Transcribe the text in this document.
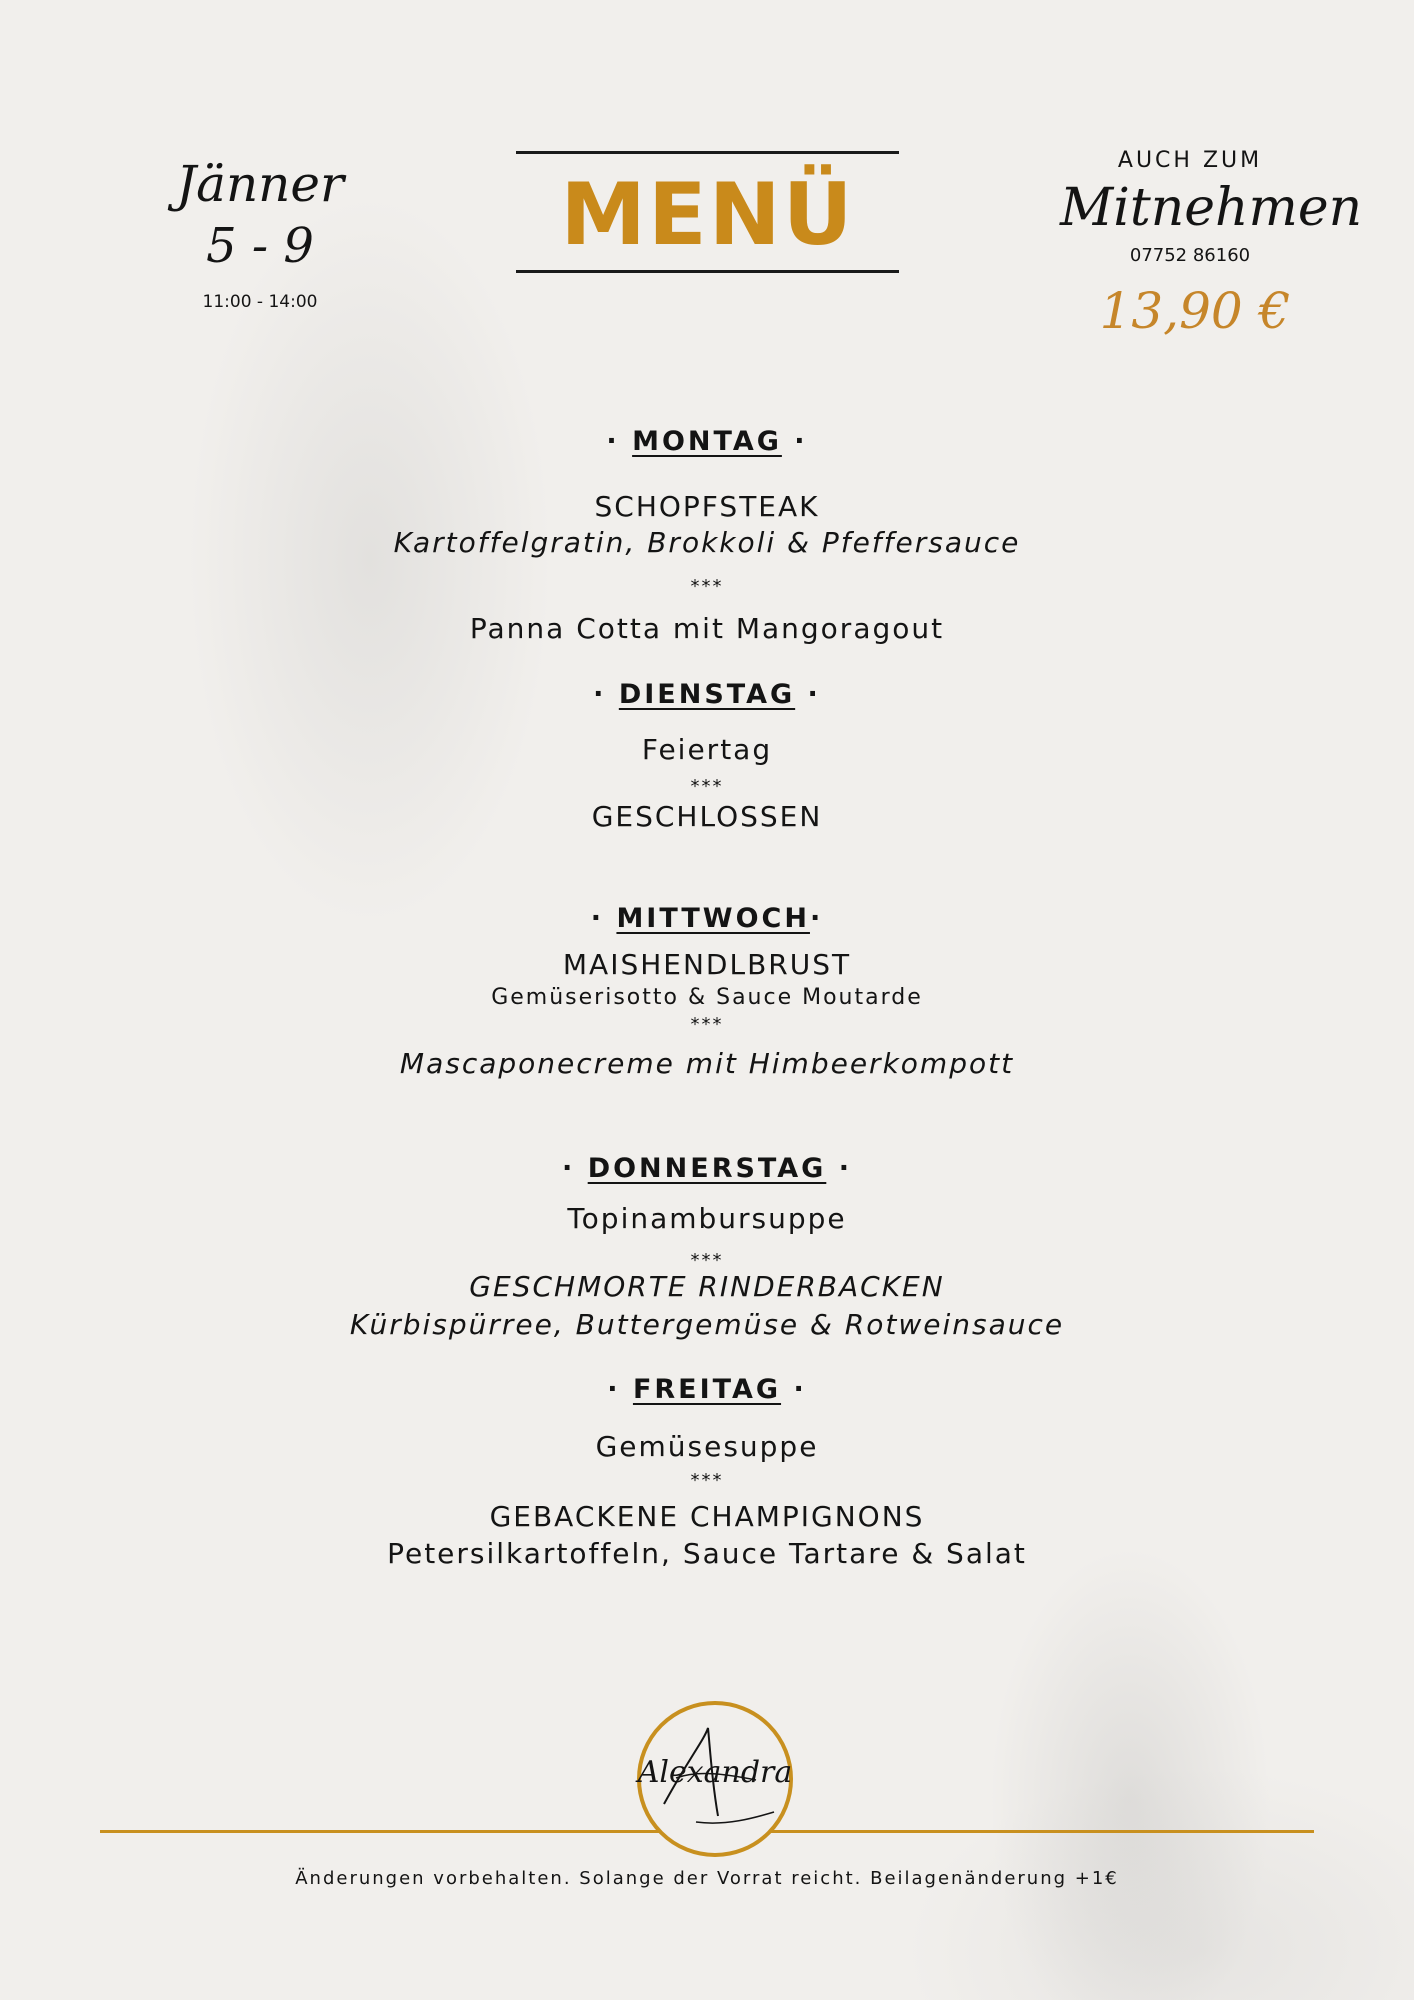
Jänner
5 - 9
11:00 - 14:00
MENÜ
AUCH ZUM
Mitnehmen
07752 86160
13,90 €
· MONTAG ·
SCHOPFSTEAK
Kartoffelgratin, Brokkoli & Pfeffersauce
***
Panna Cotta mit Mangoragout
· DIENSTAG ·
Feiertag
***
GESCHLOSSEN
· MITTWOCH·
MAISHENDLBRUST
Gemüserisotto & Sauce Moutarde
***
Mascaponecreme mit Himbeerkompott
· DONNERSTAG ·
Topinambursuppe
***
GESCHMORTE RINDERBACKEN
Kürbispürree, Buttergemüse & Rotweinsauce
· FREITAG ·
Gemüsesuppe
***
GEBACKENE CHAMPIGNONS
Petersilkartoffeln, Sauce Tartare & Salat
Alexandra
Änderungen vorbehalten. Solange der Vorrat reicht. Beilagenänderung +1€
